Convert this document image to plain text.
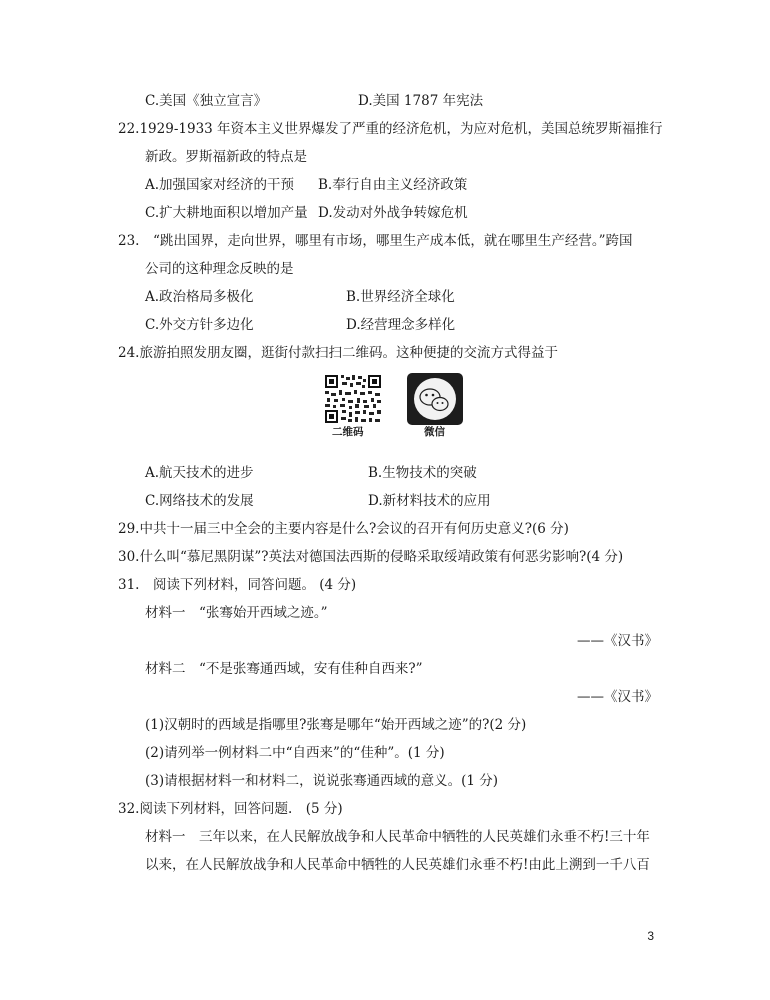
C.美国《独立宣言》	D.美国 1787 年宪法
22.1929-1933 年资本主义世界爆发了严重的经济危机，为应对危机，美国总统罗斯福推行
新政。罗斯福新政的特点是
A.加强国家对经济的干预 B.奉行自由主义经济政策
C.扩大耕地面积以增加产量 D.发动对外战争转嫁危机
23.　“跳出国界，走向世界，哪里有市场，哪里生产成本低，就在哪里生产经营。”跨国
公司的这种理念反映的是
A.政治格局多极化	B.世界经济全球化
C.外交方针多边化	D.经营理念多样化
24.旅游拍照发朋友圈，逛街付款扫扫二维码。这种便捷的交流方式得益于
二维码	微信
A.航天技术的进步	B.生物技术的突破
C.网络技术的发展	D.新材料技术的应用
29.中共十一届三中全会的主要内容是什么?会议的召开有何历史意义?(6 分)
30.什么叫“慕尼黑阴谋”?英法对德国法西斯的侵略采取绥靖政策有何恶劣影响?(4 分)
31.　阅读下列材料，同答问题。 (4 分)
材料一　“张骞始开西域之迹。”
——《汉书》
材料二　“不是张骞通西域，安有佳种自西来?”
——《汉书》
(1)汉朝时的西域是指哪里?张骞是哪年“始开西域之迹”的?(2 分)
(2)请列举一例材料二中“自西来”的“佳种”。(1 分)
(3)请根据材料一和材料二，说说张骞通西域的意义。(1 分)
32.阅读下列材料，回答问题.　(5 分)
材料一　三年以来，在人民解放战争和人民革命中牺牲的人民英雄们永垂不朽!三十年
以来，在人民解放战争和人民革命中牺牲的人民英雄们永垂不朽!由此上溯到一千八百
3
